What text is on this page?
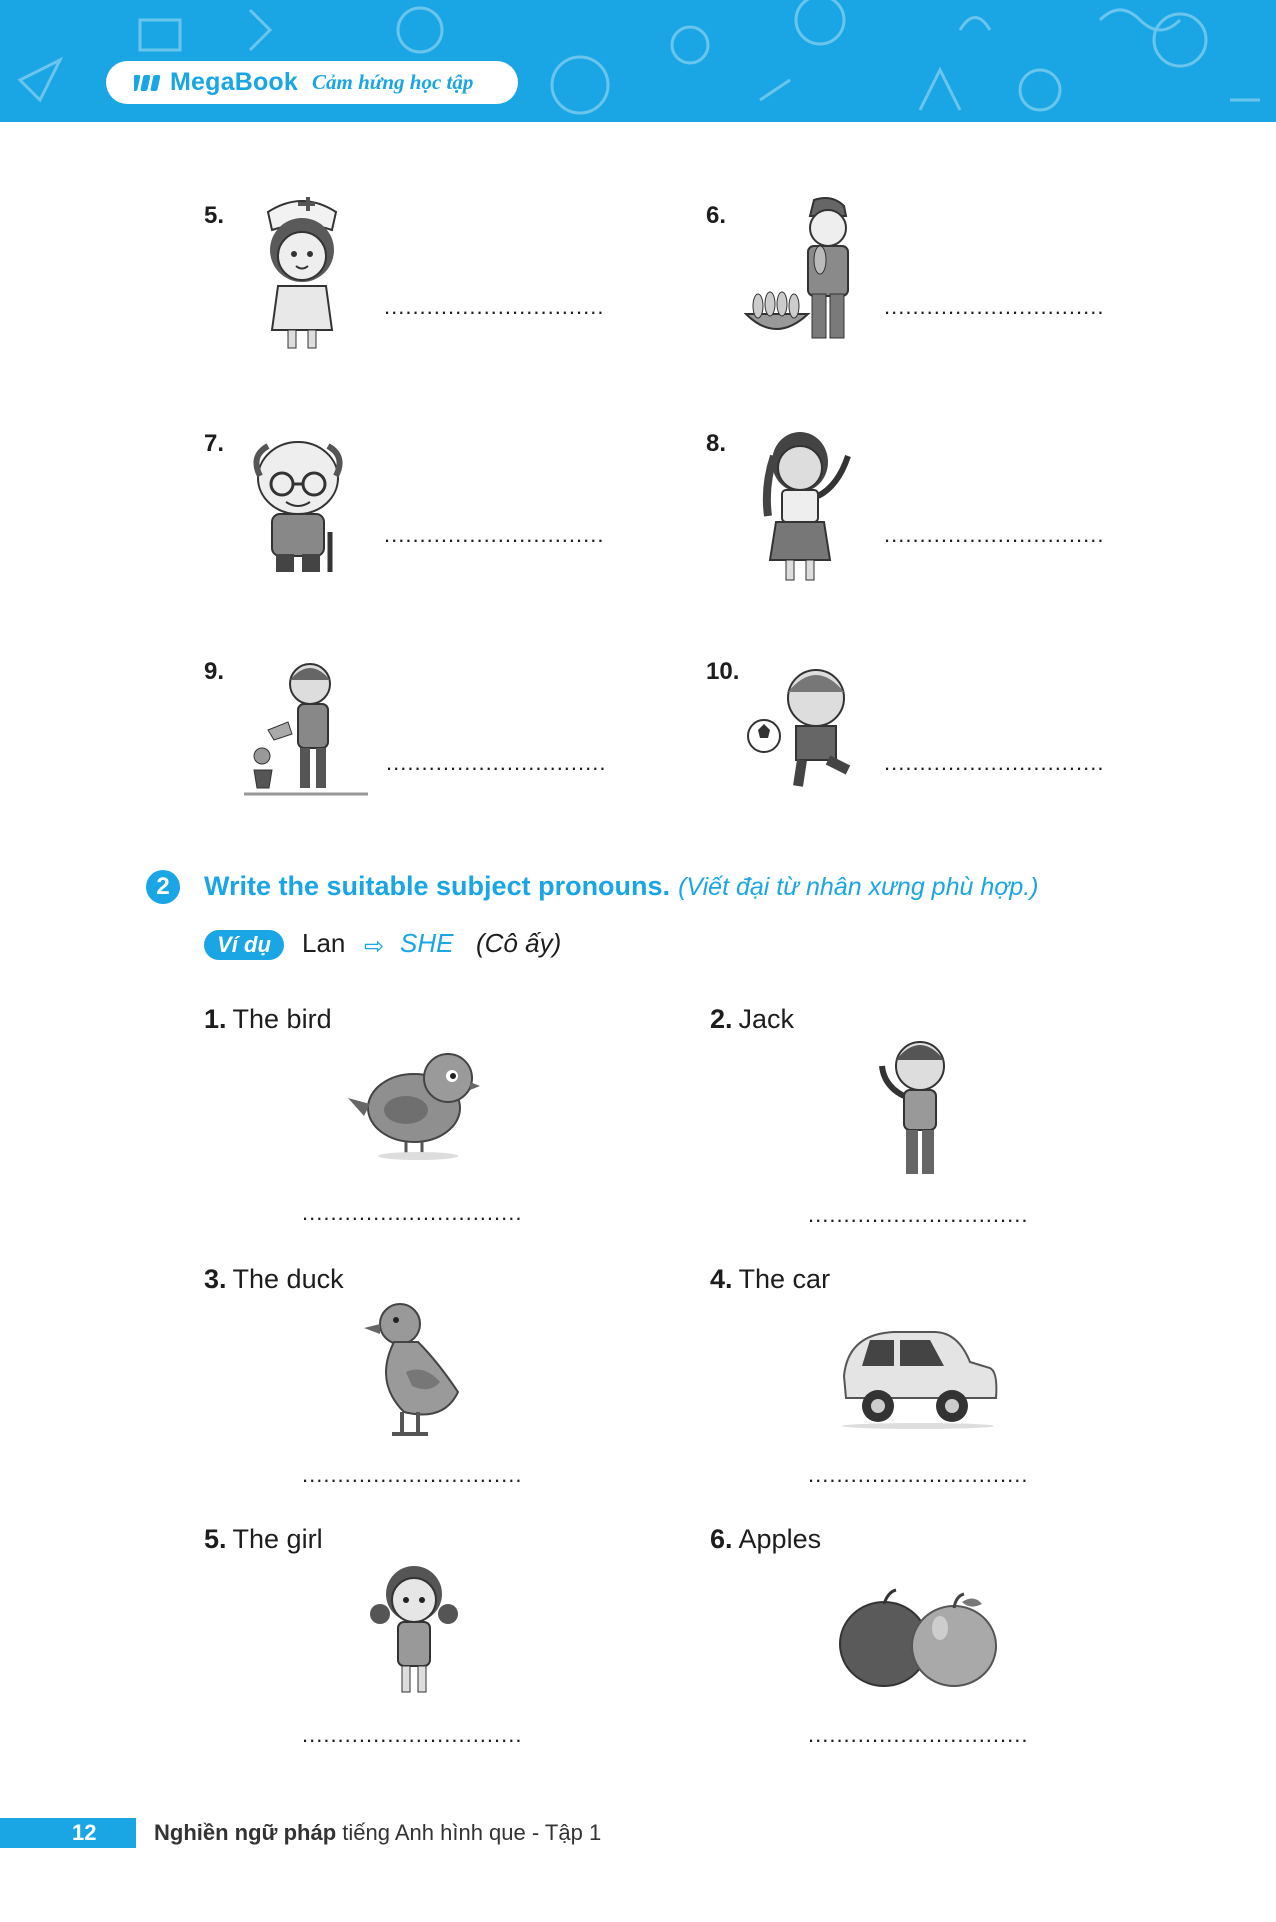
MegaBook Cảm hứng học tập
5.
...............................
6.
...............................
7.
...............................
8.
...............................
9.
...............................
10.
...............................
2	Write the suitable subject pronouns. (Viết đại từ nhân xưng phù hợp.)
Ví dụ	Lan ⇨ SHE (Cô ấy)
1. The bird
...............................
2. Jack
...............................
3. The duck
...............................
4. The car
...............................
5. The girl
...............................
6. Apples
...............................
12	Nghiền ngữ pháp tiếng Anh hình que - Tập 1
